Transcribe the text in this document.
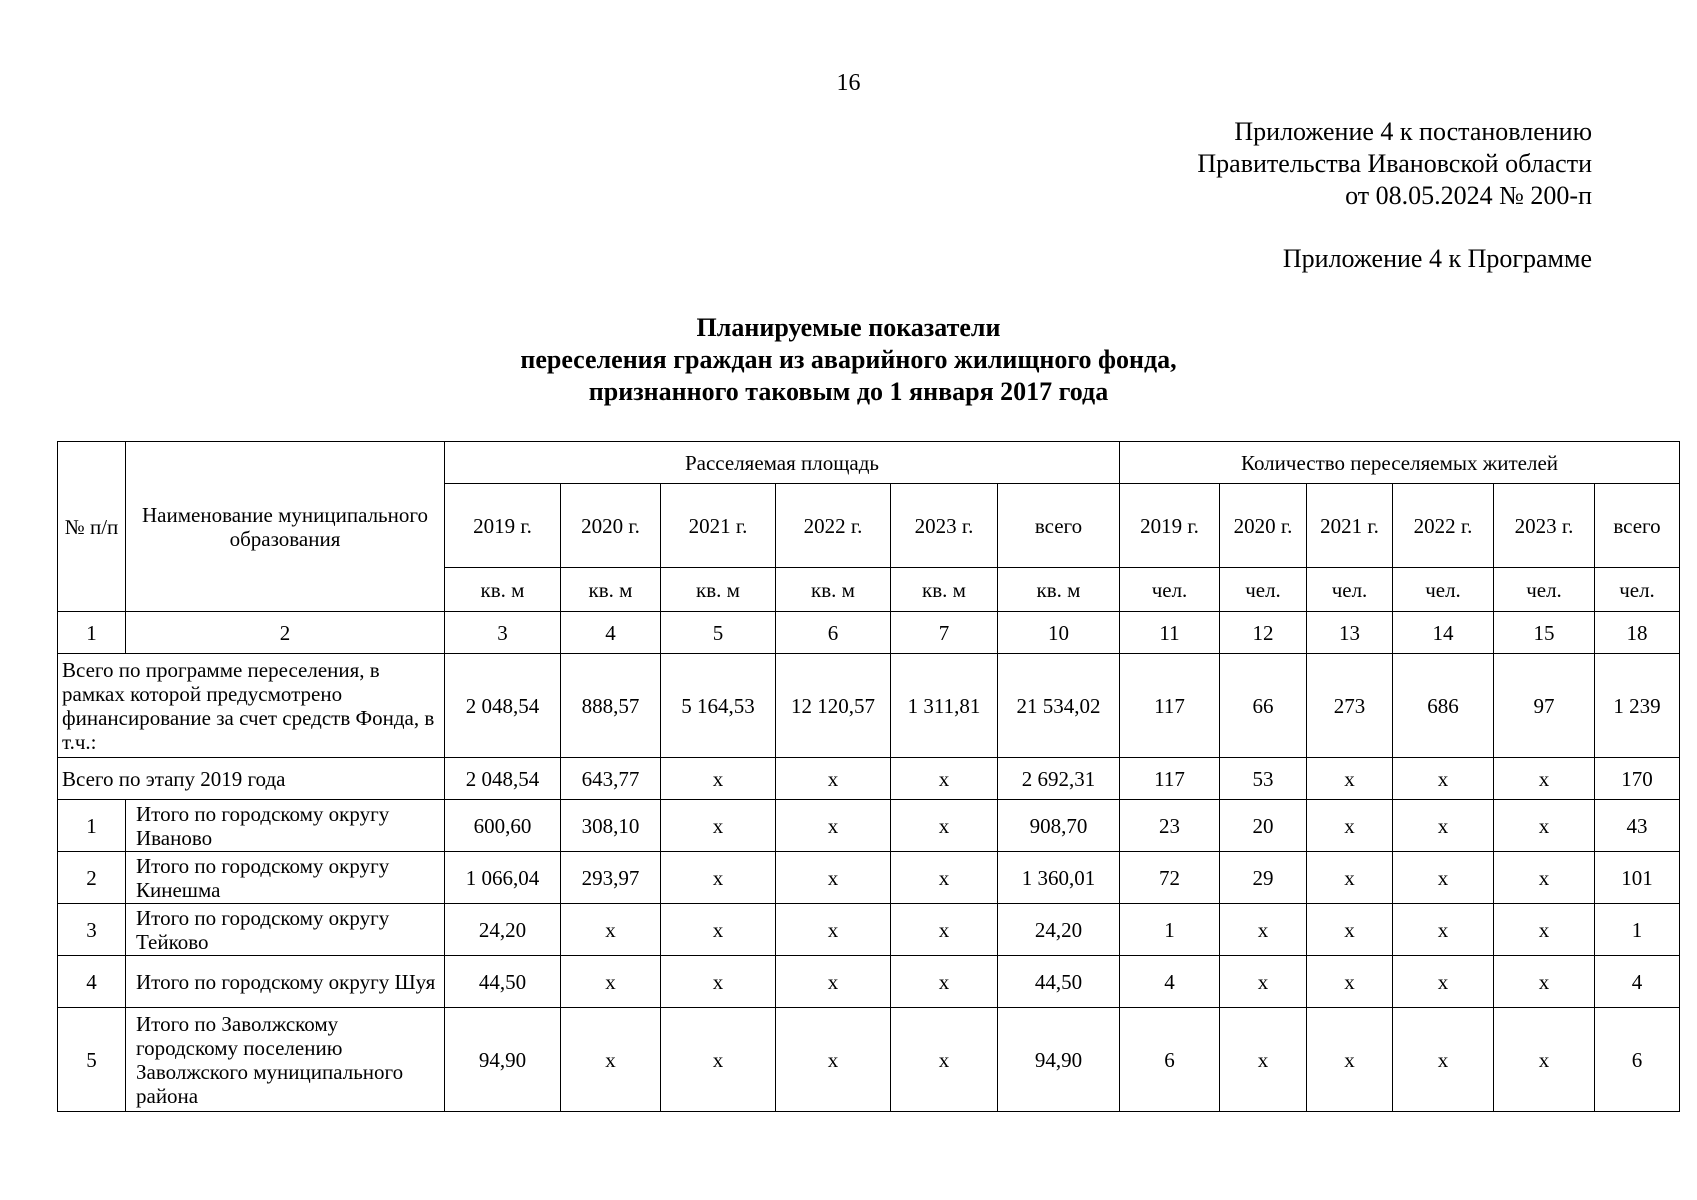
16
Приложение 4 к постановлению
Правительства Ивановской области
от 08.05.2024 № 200-п
Приложение 4 к Программе
Планируемые показатели
переселения граждан из аварийного жилищного фонда,
признанного таковым до 1 января 2017 года
№ п/п	Наименование муниципального образования	Расселяемая площадь						Количество переселяемых жителей					
		2019 г.	2020 г.	2021 г.	2022 г.	2023 г.	всего	2019 г.	2020 г.	2021 г.	2022 г.	2023 г.	всего
		кв. м	кв. м	кв. м	кв. м	кв. м	кв. м	чел.	чел.	чел.	чел.	чел.	чел.
1	2	3	4	5	6	7	10	11	12	13	14	15	18
Всего по программе переселения, в рамках которой предусмотрено финансирование за счет средств Фонда, в т.ч.:		2 048,54	888,57	5 164,53	12 120,57	1 311,81	21 534,02	117	66	273	686	97	1 239
Всего по этапу 2019 года		2 048,54	643,77	х	х	х	2 692,31	117	53	х	х	х	170
1	Итого по городскому округу Иваново	600,60	308,10	х	х	х	908,70	23	20	х	х	х	43
2	Итого по городскому округу Кинешма	1 066,04	293,97	х	х	х	1 360,01	72	29	х	х	х	101
3	Итого по городскому округу Тейково	24,20	х	х	х	х	24,20	1	х	х	х	х	1
4	Итого по городскому округу Шуя	44,50	х	х	х	х	44,50	4	х	х	х	х	4
5	Итого по Заволжскому городскому поселению Заволжского муниципального района	94,90	х	х	х	х	94,90	6	х	х	х	х	6
